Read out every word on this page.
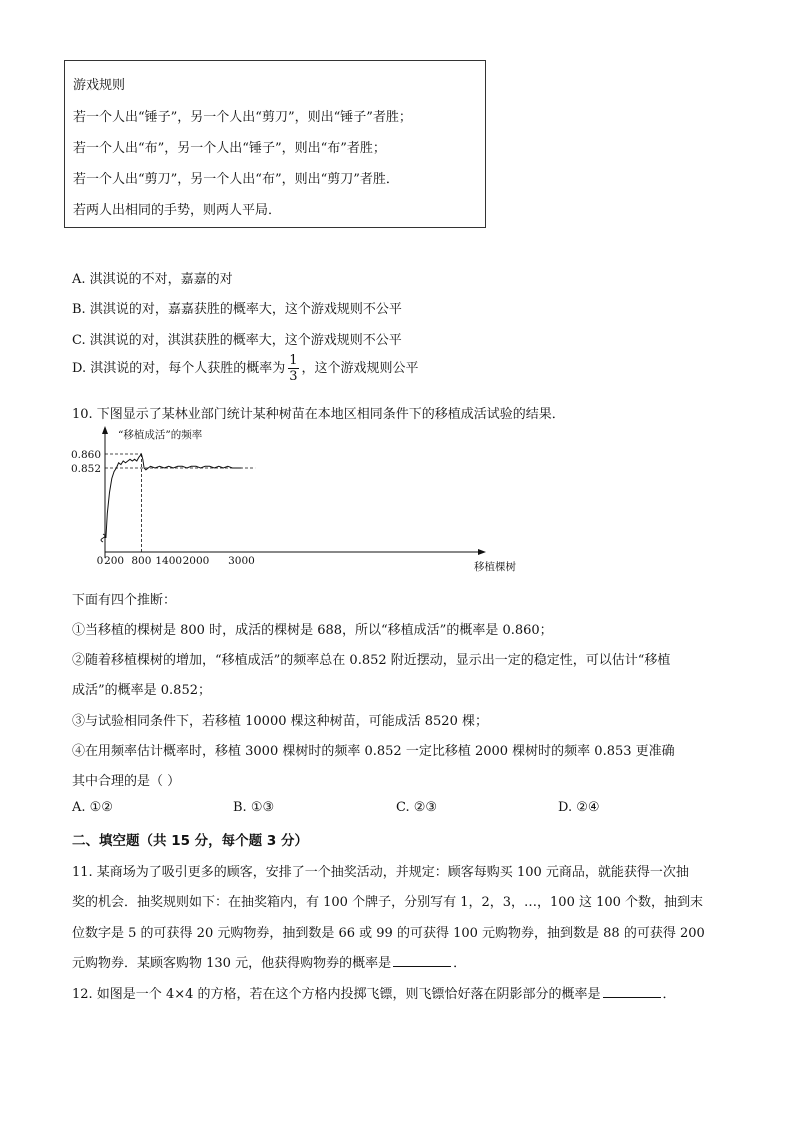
游戏规则
若一个人出“锤子”，另一个人出“剪刀”，则出“锤子”者胜；
若一个人出“布”，另一个人出“锤子”，则出“布”者胜；
若一个人出“剪刀”，另一个人出“布”，则出“剪刀”者胜．
若两人出相同的手势，则两人平局．
A. 淇淇说的不对，嘉嘉的对
B. 淇淇说的对，嘉嘉获胜的概率大，这个游戏规则不公平
C. 淇淇说的对，淇淇获胜的概率大，这个游戏规则不公平
D. 淇淇说的对，每个人获胜的概率为 $\frac{1}{3}$ ，这个游戏规则公平
10. 下图显示了某林业部门统计某种树苗在本地区相同条件下的移植成活试验的结果．
“移植成活”的频率
移植棵树
0
0.860
0.852
200 800 1400 2000 3000
下面有四个推断：
①当移植的棵树是 800 时，成活的棵树是 688，所以“移植成活”的概率是 0.860；
②随着移植棵树的增加，“移植成活”的频率总在 0.852 附近摆动，显示出一定的稳定性，可以估计“移植
成活”的概率是 0.852；
③与试验相同条件下，若移植 10000 棵这种树苗，可能成活 8520 棵；
④在用频率估计概率时，移植 3000 棵树时的频率 0.852 一定比移植 2000 棵树时的频率 0.853 更准确
其中合理的是（ ）
A. ①②	B. ①③	C. ②③	D. ②④
二、填空题（共 15 分，每个题 3 分）
11. 某商场为了吸引更多的顾客，安排了一个抽奖活动，并规定：顾客每购买 100 元商品，就能获得一次抽
奖的机会．抽奖规则如下：在抽奖箱内，有 100 个牌子，分别写有 1，2，3，…，100 这 100 个数，抽到末
位数字是 5 的可获得 20 元购物券，抽到数是 66 或 99 的可获得 100 元购物券，抽到数是 88 的可获得 200
元购物券．某顾客购物 130 元，他获得购物券的概率是	．
12. 如图是一个 4×4 的方格，若在这个方格内投掷飞镖，则飞镖恰好落在阴影部分的概率是	．
